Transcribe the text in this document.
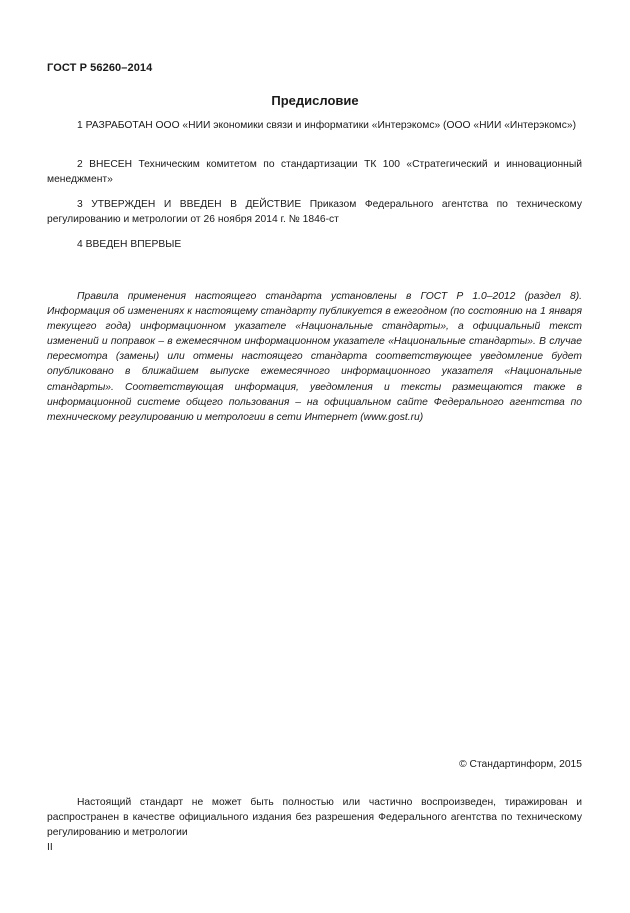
ГОСТ Р 56260–2014
Предисловие
1 РАЗРАБОТАН ООО «НИИ экономики связи и информатики «Интерэкомс» (ООО «НИИ «Интерэкомс»)
2 ВНЕСЕН Техническим комитетом по стандартизации ТК 100 «Стратегический и инновационный менеджмент»
3 УТВЕРЖДЕН И ВВЕДЕН В ДЕЙСТВИЕ Приказом Федерального агентства по техническому регулированию и метрологии от 26 ноября 2014 г. № 1846-ст
4 ВВЕДЕН ВПЕРВЫЕ
Правила применения настоящего стандарта установлены в ГОСТ Р 1.0–2012 (раздел 8). Информация об изменениях к настоящему стандарту публикуется в ежегодном (по состоянию на 1 января текущего года) информационном указателе «Национальные стандарты», а официальный текст изменений и поправок – в ежемесячном информационном указателе «Национальные стандарты». В случае пересмотра (замены) или отмены настоящего стандарта соответствующее уведомление будет опубликовано в ближайшем выпуске ежемесячного информационного указателя «Национальные стандарты». Соответствующая информация, уведомления и тексты размещаются также в информационной системе общего пользования – на официальном сайте Федерального агентства по техническому регулированию и метрологии в сети Интернет (www.gost.ru)
© Стандартинформ, 2015
Настоящий стандарт не может быть полностью или частично воспроизведен, тиражирован и распространен в качестве официального издания без разрешения Федерального агентства по техническому регулированию и метрологии
II
